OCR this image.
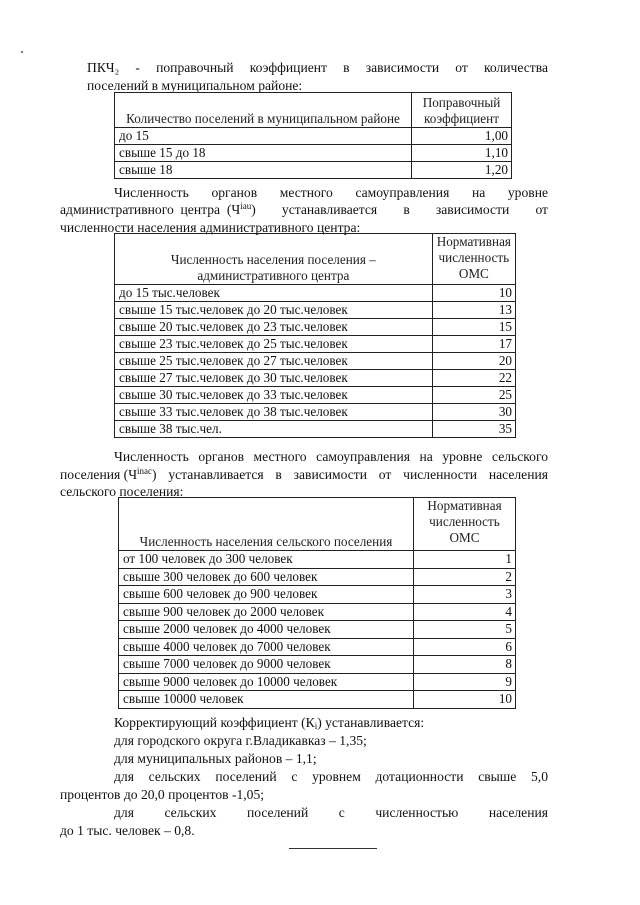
ПКЧ₂ - поправочный коэффициент в зависимости от количества
поселений в муниципальном районе:
Количество поселений в муниципальном районе	Поправочный коэффициент
до 15	1,00
свыше 15 до 18	1,10
свыше 18	1,20
Численность органов местного самоуправления на уровне
административного  центра  (Ч iau )  устанавливается  в  зависимости  от
численности населения административного центра:
Численность населения поселения – административного центра	Нормативная численность ОМС
до 15 тыс.человек	10
свыше 15 тыс.человек до 20 тыс.человек	13
свыше 20 тыс.человек до 23 тыс.человек	15
свыше 23 тыс.человек до 25 тыс.человек	17
свыше 25 тыс.человек до 27 тыс.человек	20
свыше 27 тыс.человек до 30 тыс.человек	22
свыше 30 тыс.человек до 33 тыс.человек	25
свыше 33 тыс.человек до 38 тыс.человек	30
свыше 38 тыс.чел.	35
Численность органов местного самоуправления на уровне сельского
поселения (Ч inac ) устанавливается в зависимости от численности населения
сельского поселения:
Численность населения сельского поселения	Нормативная численность ОМС
от 100 человек до 300 человек	1
свыше 300 человек до 600 человек	2
свыше 600 человек до 900 человек	3
свыше 900 человек до 2000 человек	4
свыше 2000 человек до 4000 человек	5
свыше 4000 человек до 7000 человек	6
свыше 7000 человек до 9000 человек	8
свыше 9000 человек до 10000 человек	9
свыше 10000 человек	10
Корректирующий коэффициент $(К_i)$ устанавливается:
для городского округа г.Владикавказ – 1,35;
для муниципальных районов – 1,1;
для сельских поселений с уровнем дотационности свыше 5,0
процентов до 20,0 процентов -1,05;
для сельских поселений с численностью населения
до 1 тыс. человек – 0,8.
